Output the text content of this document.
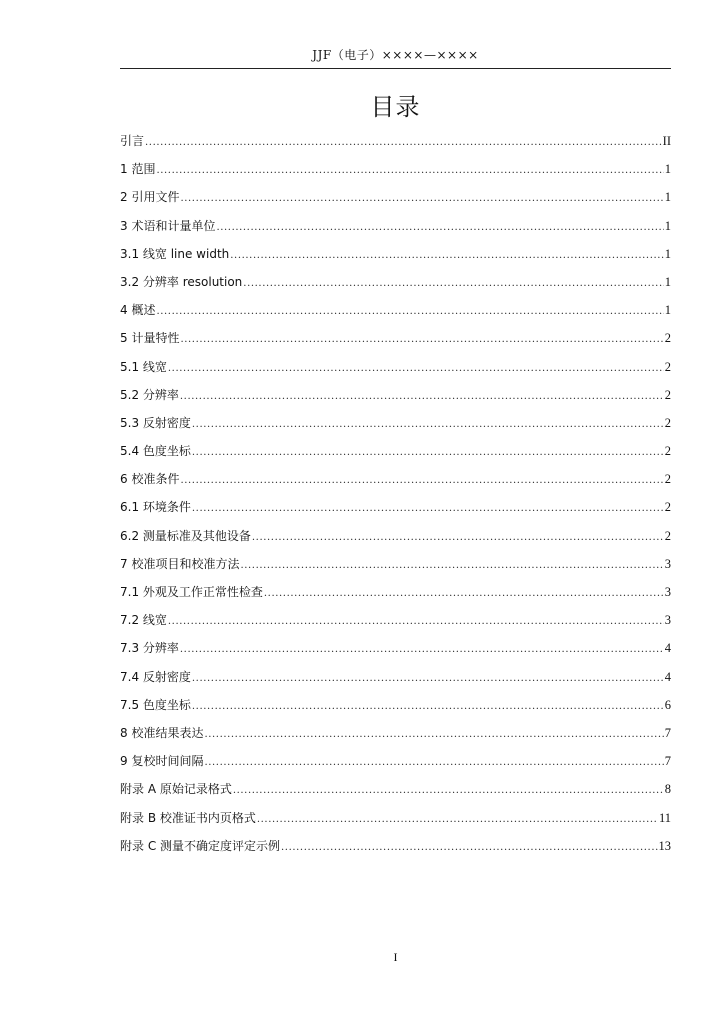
JJF（电子）××××—××××
目录
引言 .....	II
1 范围 .....	1
2 引用文件 .....	1
3 术语和计量单位 .....	1
3.1 线宽 line width .....	1
3.2 分辨率 resolution .....	1
4 概述 .....	1
5 计量特性 .....	2
5.1 线宽 .....	2
5.2 分辨率 .....	2
5.3 反射密度 .....	2
5.4 色度坐标 .....	2
6 校准条件 .....	2
6.1 环境条件 .....	2
6.2 测量标准及其他设备 .....	2
7 校准项目和校准方法 .....	3
7.1 外观及工作正常性检查 .....	3
7.2 线宽 .....	3
7.3 分辨率 .....	4
7.4 反射密度 .....	4
7.5 色度坐标 .....	6
8 校准结果表达 .....	7
9 复校时间间隔 .....	7
附录 A 原始记录格式 .....	8
附录 B 校准证书内页格式 .....	11
附录 C 测量不确定度评定示例 .....	13
I
